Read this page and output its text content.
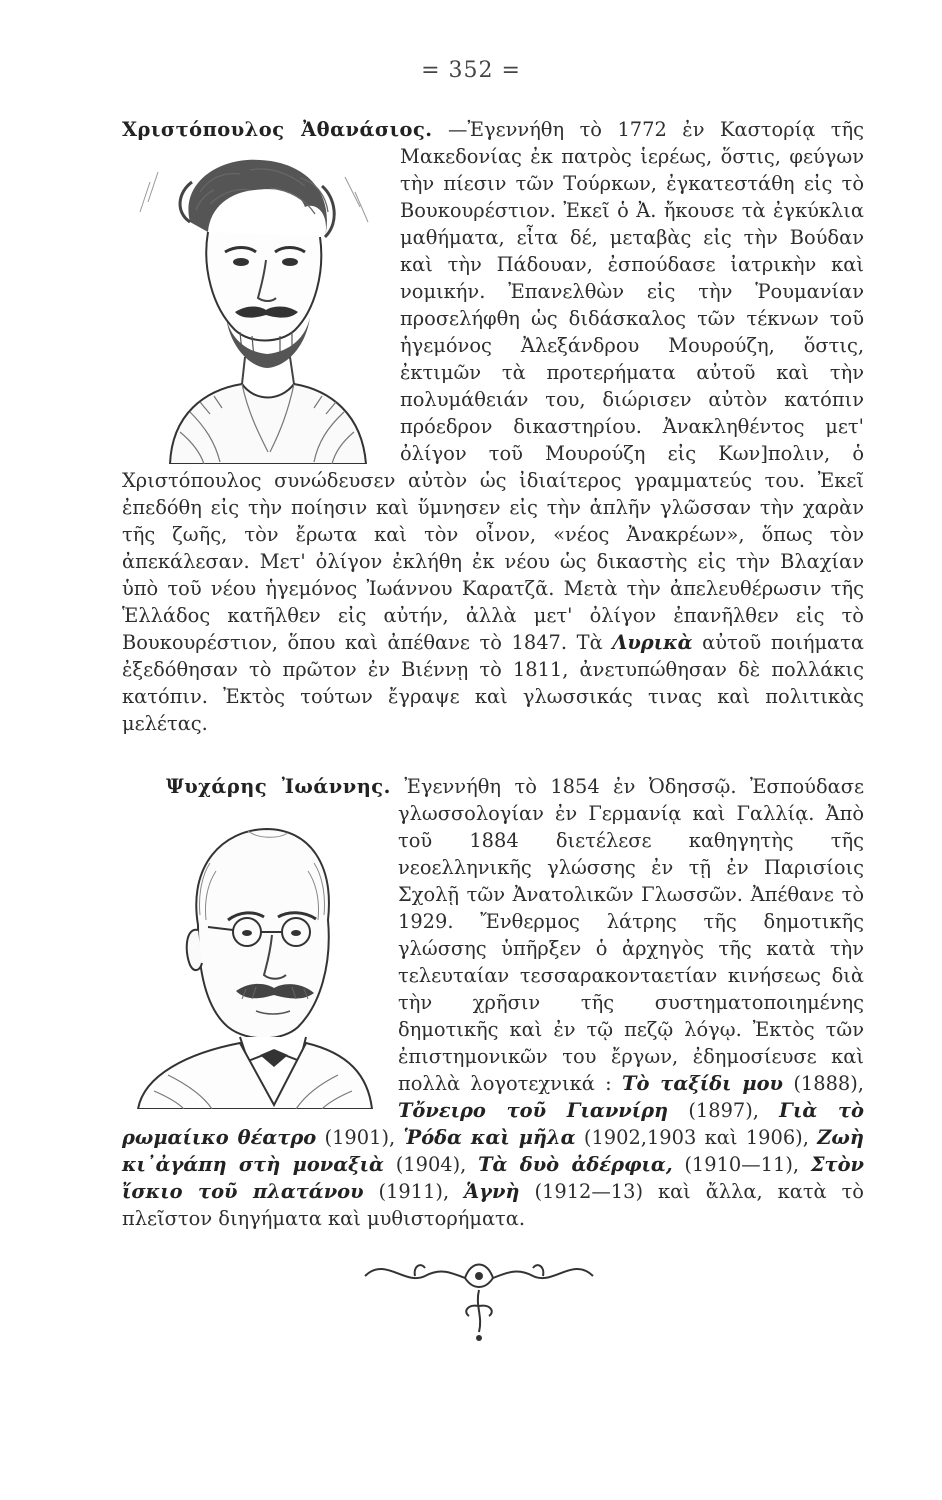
= 352 =
Χριστόπουλος Ἀθανάσιος. —Ἐγεννήθη τὸ 1772 ἐν Καστορίᾳ τῆς Μακεδονίας ἐκ πατρὸς ἱερέως, ὅστις, φεύγων τὴν πίεσιν τῶν Τούρκων, ἐγκατεστάθη εἰς τὸ Βουκουρέστιον. Ἐκεῖ ὁ Ἀ. ἤκουσε τὰ ἐγκύκλια μαθήματα, εἶτα δέ, μεταβὰς εἰς τὴν Βούδαν καὶ τὴν Πάδουαν, ἐσπούδασε ἰατρικὴν καὶ νομικήν. Ἐπανελθὼν εἰς τὴν Ῥουμανίαν προσελήφθη ὡς διδάσκαλος τῶν τέκνων τοῦ ἡγεμόνος Ἀλεξάνδρου Μουρούζη, ὅστις, ἐκτιμῶν τὰ προτερήματα αὐτοῦ καὶ τὴν πολυμάθειάν του, διώρισεν αὐτὸν κατόπιν πρόεδρον δικαστηρίου. Ἀνακληθέντος μετ' ὀλίγον τοῦ Μουρούζη εἰς Κων]πολιν, ὁ Χριστόπουλος συνώδευσεν αὐτὸν ὡς ἰδιαίτερος γραμματεύς του. Ἐκεῖ ἐπεδόθη εἰς τὴν ποίησιν καὶ ὕμνησεν εἰς τὴν ἁπλῆν γλῶσσαν τὴν χαρὰν τῆς ζωῆς, τὸν ἔρωτα καὶ τὸν οἶνον, «νέος Ἀνακρέων», ὅπως τὸν ἀπεκάλεσαν. Μετ' ὀλίγον ἐκλήθη ἐκ νέου ὡς δικαστὴς εἰς τὴν Βλαχίαν ὑπὸ τοῦ νέου ἡγεμόνος Ἰωάννου Καρατζᾶ. Μετὰ τὴν ἀπελευθέρωσιν τῆς Ἑλλάδος κατῆλθεν εἰς αὐτήν, ἀλλὰ μετ' ὀλίγον ἐπανῆλθεν εἰς τὸ Βουκουρέστιον, ὅπου καὶ ἀπέθανε τὸ 1847. Τὰ Λυρικὰ αὐτοῦ ποιήματα ἐξεδόθησαν τὸ πρῶτον ἐν Βιέννῃ τὸ 1811, ἀνετυπώθησαν δὲ πολλάκις κατόπιν. Ἐκτὸς τούτων ἔγραψε καὶ γλωσσικάς τινας καὶ πολιτικὰς μελέτας.
Ψυχάρης Ἰωάννης. Ἐγεννήθη τὸ 1854 ἐν Ὀδησσῷ. Ἐσπούδασε γλωσσολογίαν ἐν Γερμανίᾳ καὶ Γαλλίᾳ. Ἀπὸ τοῦ 1884 διετέλεσε καθηγητὴς τῆς νεοελληνικῆς γλώσσης ἐν τῇ ἐν Παρισίοις Σχολῇ τῶν Ἀνατολικῶν Γλωσσῶν. Ἀπέθανε τὸ 1929. Ἔνθερμος λάτρης τῆς δημοτικῆς γλώσσης ὑπῆρξεν ὁ ἀρχηγὸς τῆς κατὰ τὴν τελευταίαν τεσσαρακονταετίαν κινήσεως διὰ τὴν χρῆσιν τῆς συστηματοποιημένης δημοτικῆς καὶ ἐν τῷ πεζῷ λόγῳ. Ἐκτὸς τῶν ἐπιστημονικῶν του ἔργων, ἐδημοσίευσε καὶ πολλὰ λογοτεχνικά : Τὸ ταξίδι μου (1888), Τὄνειρο τοῦ Γιαννίρη (1897), Γιὰ τὸ ρωμαίικο θέατρο (1901), Ῥόδα καὶ μῆλα (1902,1903 καὶ 1906), Ζωὴ κι᾿ἀγάπη στὴ μοναξιὰ (1904), Τὰ δυὸ ἀδέρφια, (1910—11), Στὸν ἴσκιο τοῦ πλατάνου (1911), Ἁγνὴ (1912—13) καὶ ἄλλα, κατὰ τὸ πλεῖστον διηγήματα καὶ μυθιστορήματα.
